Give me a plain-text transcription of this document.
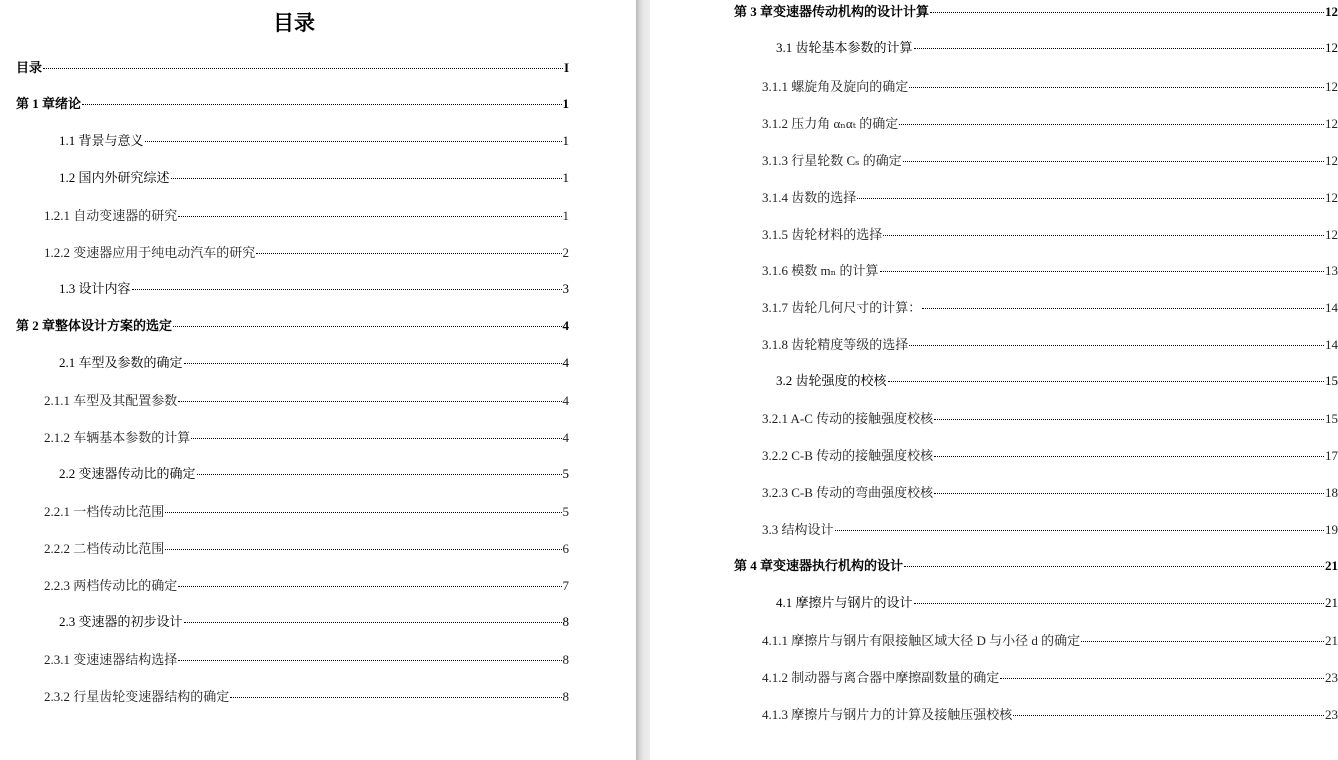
目录
目录	I
第 1 章绪论	1
1.1 背景与意义	1
1.2 国内外研究综述	1
1.2.1 自动变速器的研究	1
1.2.2 变速器应用于纯电动汽车的研究	2
1.3 设计内容	3
第 2 章整体设计方案的选定	4
2.1 车型及参数的确定	4
2.1.1 车型及其配置参数	4
2.1.2 车辆基本参数的计算	4
2.2 变速器传动比的确定	5
2.2.1 一档传动比范围	5
2.2.2 二档传动比范围	6
2.2.3 两档传动比的确定	7
2.3 变速器的初步设计	8
2.3.1 变速速器结构选择	8
2.3.2 行星齿轮变速器结构的确定	8
第 3 章变速器传动机构的设计计算	12
3.1 齿轮基本参数的计算	12
3.1.1 螺旋角及旋向的确定	12
3.1.2 压力角 αₙαₜ 的确定	12
3.1.3 行星轮数 Cₛ 的确定	12
3.1.4 齿数的选择	12
3.1.5 齿轮材料的选择	12
3.1.6 模数 mₙ 的计算	13
3.1.7 齿轮几何尺寸的计算：	14
3.1.8 齿轮精度等级的选择	14
3.2 齿轮强度的校核	15
3.2.1 A-C 传动的接触强度校核	15
3.2.2 C-B 传动的接触强度校核	17
3.2.3 C-B 传动的弯曲强度校核	18
3.3 结构设计	19
第 4 章变速器执行机构的设计	21
4.1 摩擦片与钢片的设计	21
4.1.1 摩擦片与钢片有限接触区域大径 D 与小径 d 的确定	21
4.1.2 制动器与离合器中摩擦副数量的确定	23
4.1.3 摩擦片与钢片力的计算及接触压强校核	23
